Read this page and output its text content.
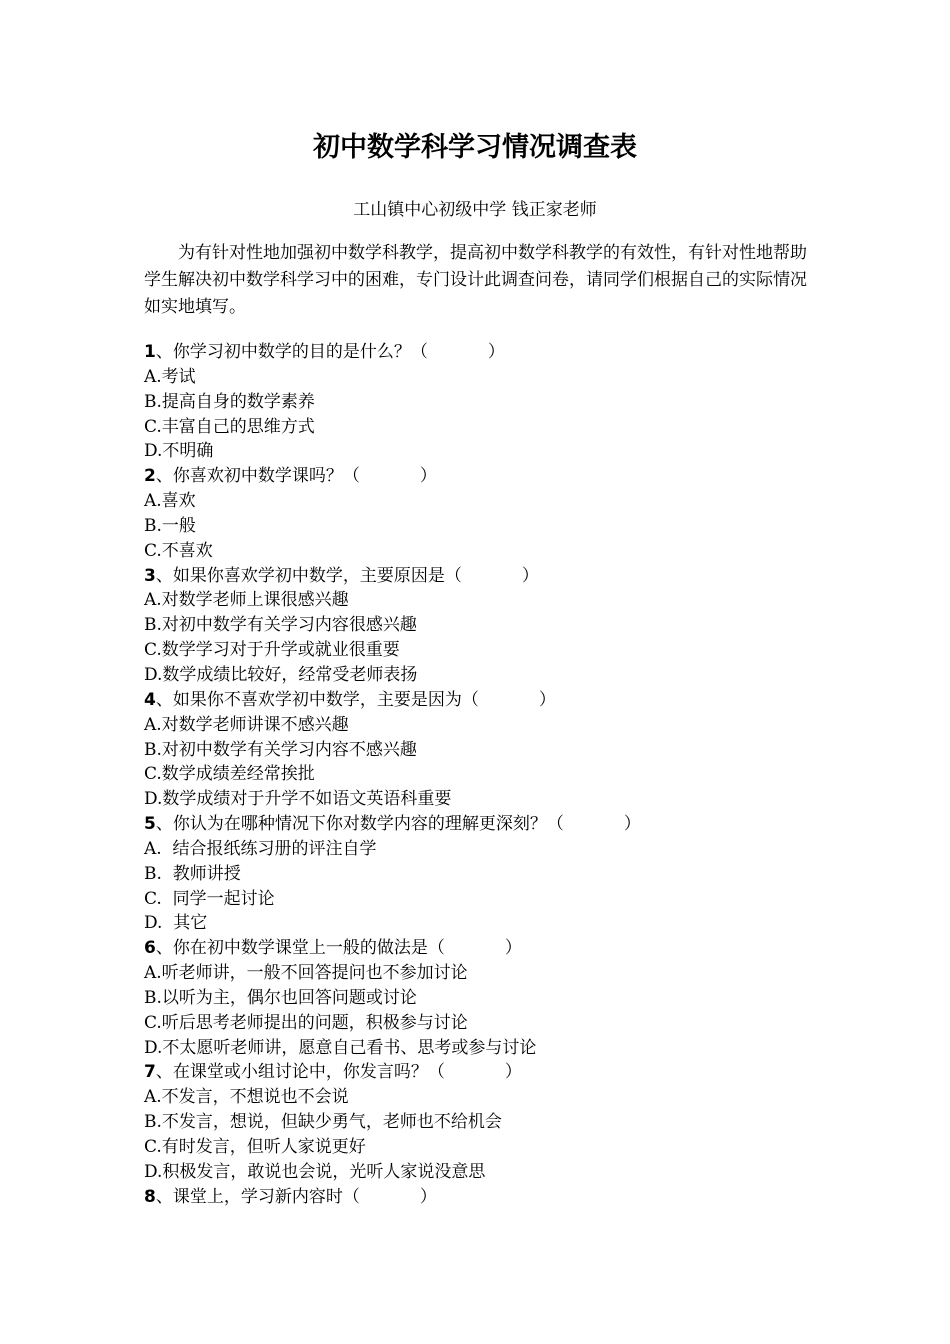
初中数学科学习情况调查表
工山镇中心初级中学 钱正家老师

为有针对性地加强初中数学科教学，提高初中数学科教学的有效性，有针对性地帮助学生解决初中数学科学习中的困难，专门设计此调查问卷，请同学们根据自己的实际情况如实地填写。

1、你学习初中数学的目的是什么？（	）
A.考试
B.提高自身的数学素养
C.丰富自己的思维方式
D.不明确
2、你喜欢初中数学课吗？（	）
A.喜欢
B.一般
C.不喜欢
3、如果你喜欢学初中数学，主要原因是（	）
A.对数学老师上课很感兴趣
B.对初中数学有关学习内容很感兴趣
C.数学学习对于升学或就业很重要
D.数学成绩比较好，经常受老师表扬
4、如果你不喜欢学初中数学，主要是因为（	）
A.对数学老师讲课不感兴趣
B.对初中数学有关学习内容不感兴趣
C.数学成绩差经常挨批
D.数学成绩对于升学不如语文英语科重要
5、你认为在哪种情况下你对数学内容的理解更深刻？（	）
A.  结合报纸练习册的评注自学
B.  教师讲授
C.  同学一起讨论
D.  其它
6、你在初中数学课堂上一般的做法是（	）
A.听老师讲，一般不回答提问也不参加讨论
B.以听为主，偶尔也回答问题或讨论
C.听后思考老师提出的问题，积极参与讨论
D.不太愿听老师讲，愿意自己看书、思考或参与讨论
7、在课堂或小组讨论中，你发言吗？（	）
A.不发言，不想说也不会说
B.不发言，想说，但缺少勇气，老师也不给机会
C.有时发言，但听人家说更好
D.积极发言，敢说也会说，光听人家说没意思
8、课堂上，学习新内容时（	）
